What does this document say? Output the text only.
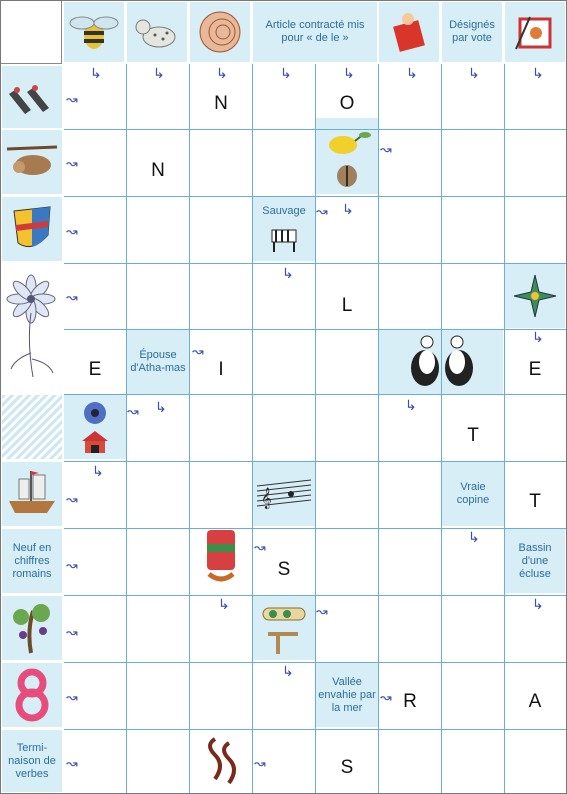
Article contracté mis pour « de le »
Désignés par vote
Neuf en chiffres romains
Termi-naison de verbes
Sauvage
Épouse d'Atha-mas
Vraie copine
𝄞
Bassin d'une écluse
Vallée envahie par la mer
↳	↳	↳	↳	↳	↳	↳	↳
↝
↝
↝
↝
↝
↝
↝
↝
↝
↝
↝ ↳
↳
↝
↳
↝	↳
↳
↳
↳
↳
↝
↳	↝
↳
↝
↝
N	O
N
L
E	I	E
T
T
S
R	A
S
